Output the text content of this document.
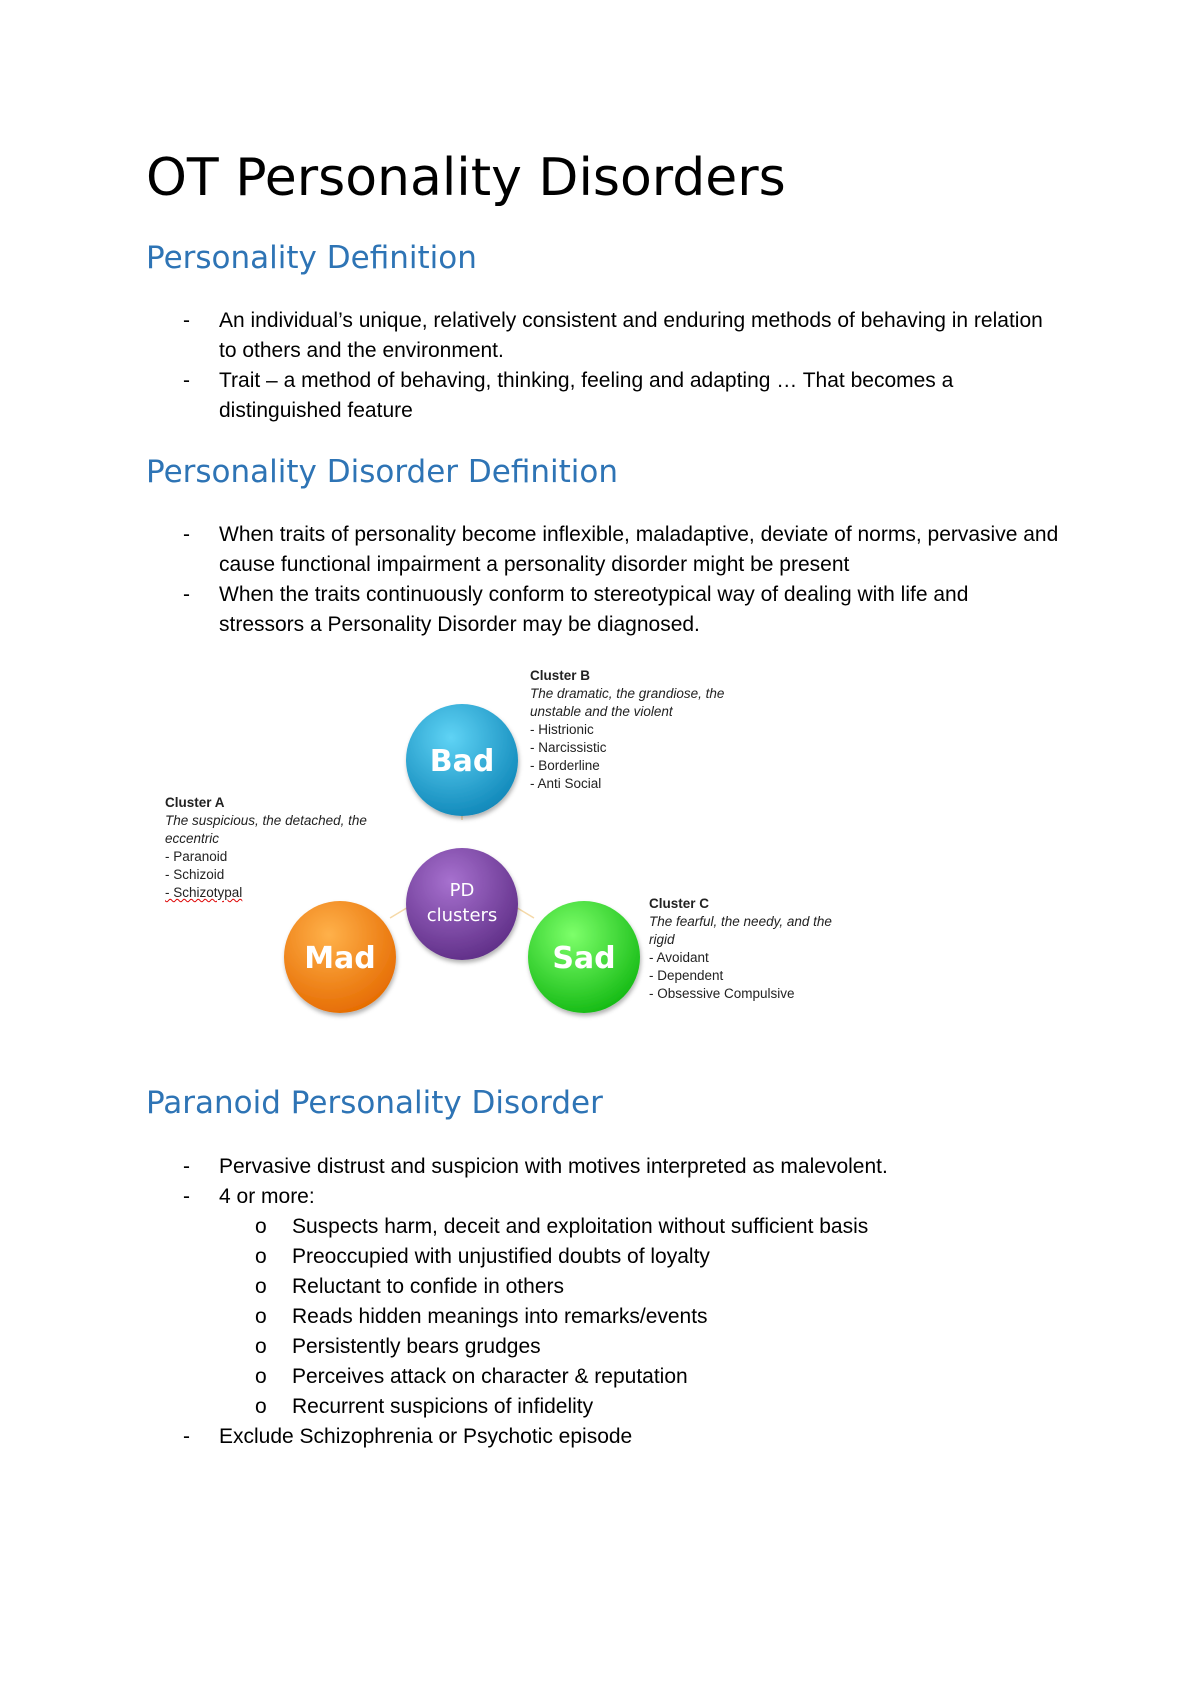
OT Personality Disorders
Personality Definition
- An individual’s unique, relatively consistent and enduring methods of behaving in relation to others and the environment.
- Trait – a method of behaving, thinking, feeling and adapting … That becomes a distinguished feature
Personality Disorder Definition
- When traits of personality become inflexible, maladaptive, deviate of norms, pervasive and cause functional impairment a personality disorder might be present
- When the traits continuously conform to stereotypical way of dealing with life and stressors a Personality Disorder may be diagnosed.
Bad
Mad	Sad
PD
clusters
Cluster B
The dramatic, the grandiose, the unstable and the violent
- Histrionic
- Narcissistic
- Borderline
- Anti Social
Cluster A
The suspicious, the detached, the eccentric
- Paranoid
- Schizoid
- Schizotypal
Cluster C
The fearful, the needy, and the rigid
- Avoidant
- Dependent
- Obsessive Compulsive
Paranoid Personality Disorder
- Pervasive distrust and suspicion with motives interpreted as malevolent.
- 4 or more:
o Suspects harm, deceit and exploitation without sufficient basis
o Preoccupied with unjustified doubts of loyalty
o Reluctant to confide in others
o Reads hidden meanings into remarks/events
o Persistently bears grudges
o Perceives attack on character & reputation
o Recurrent suspicions of infidelity
- Exclude Schizophrenia or Psychotic episode
